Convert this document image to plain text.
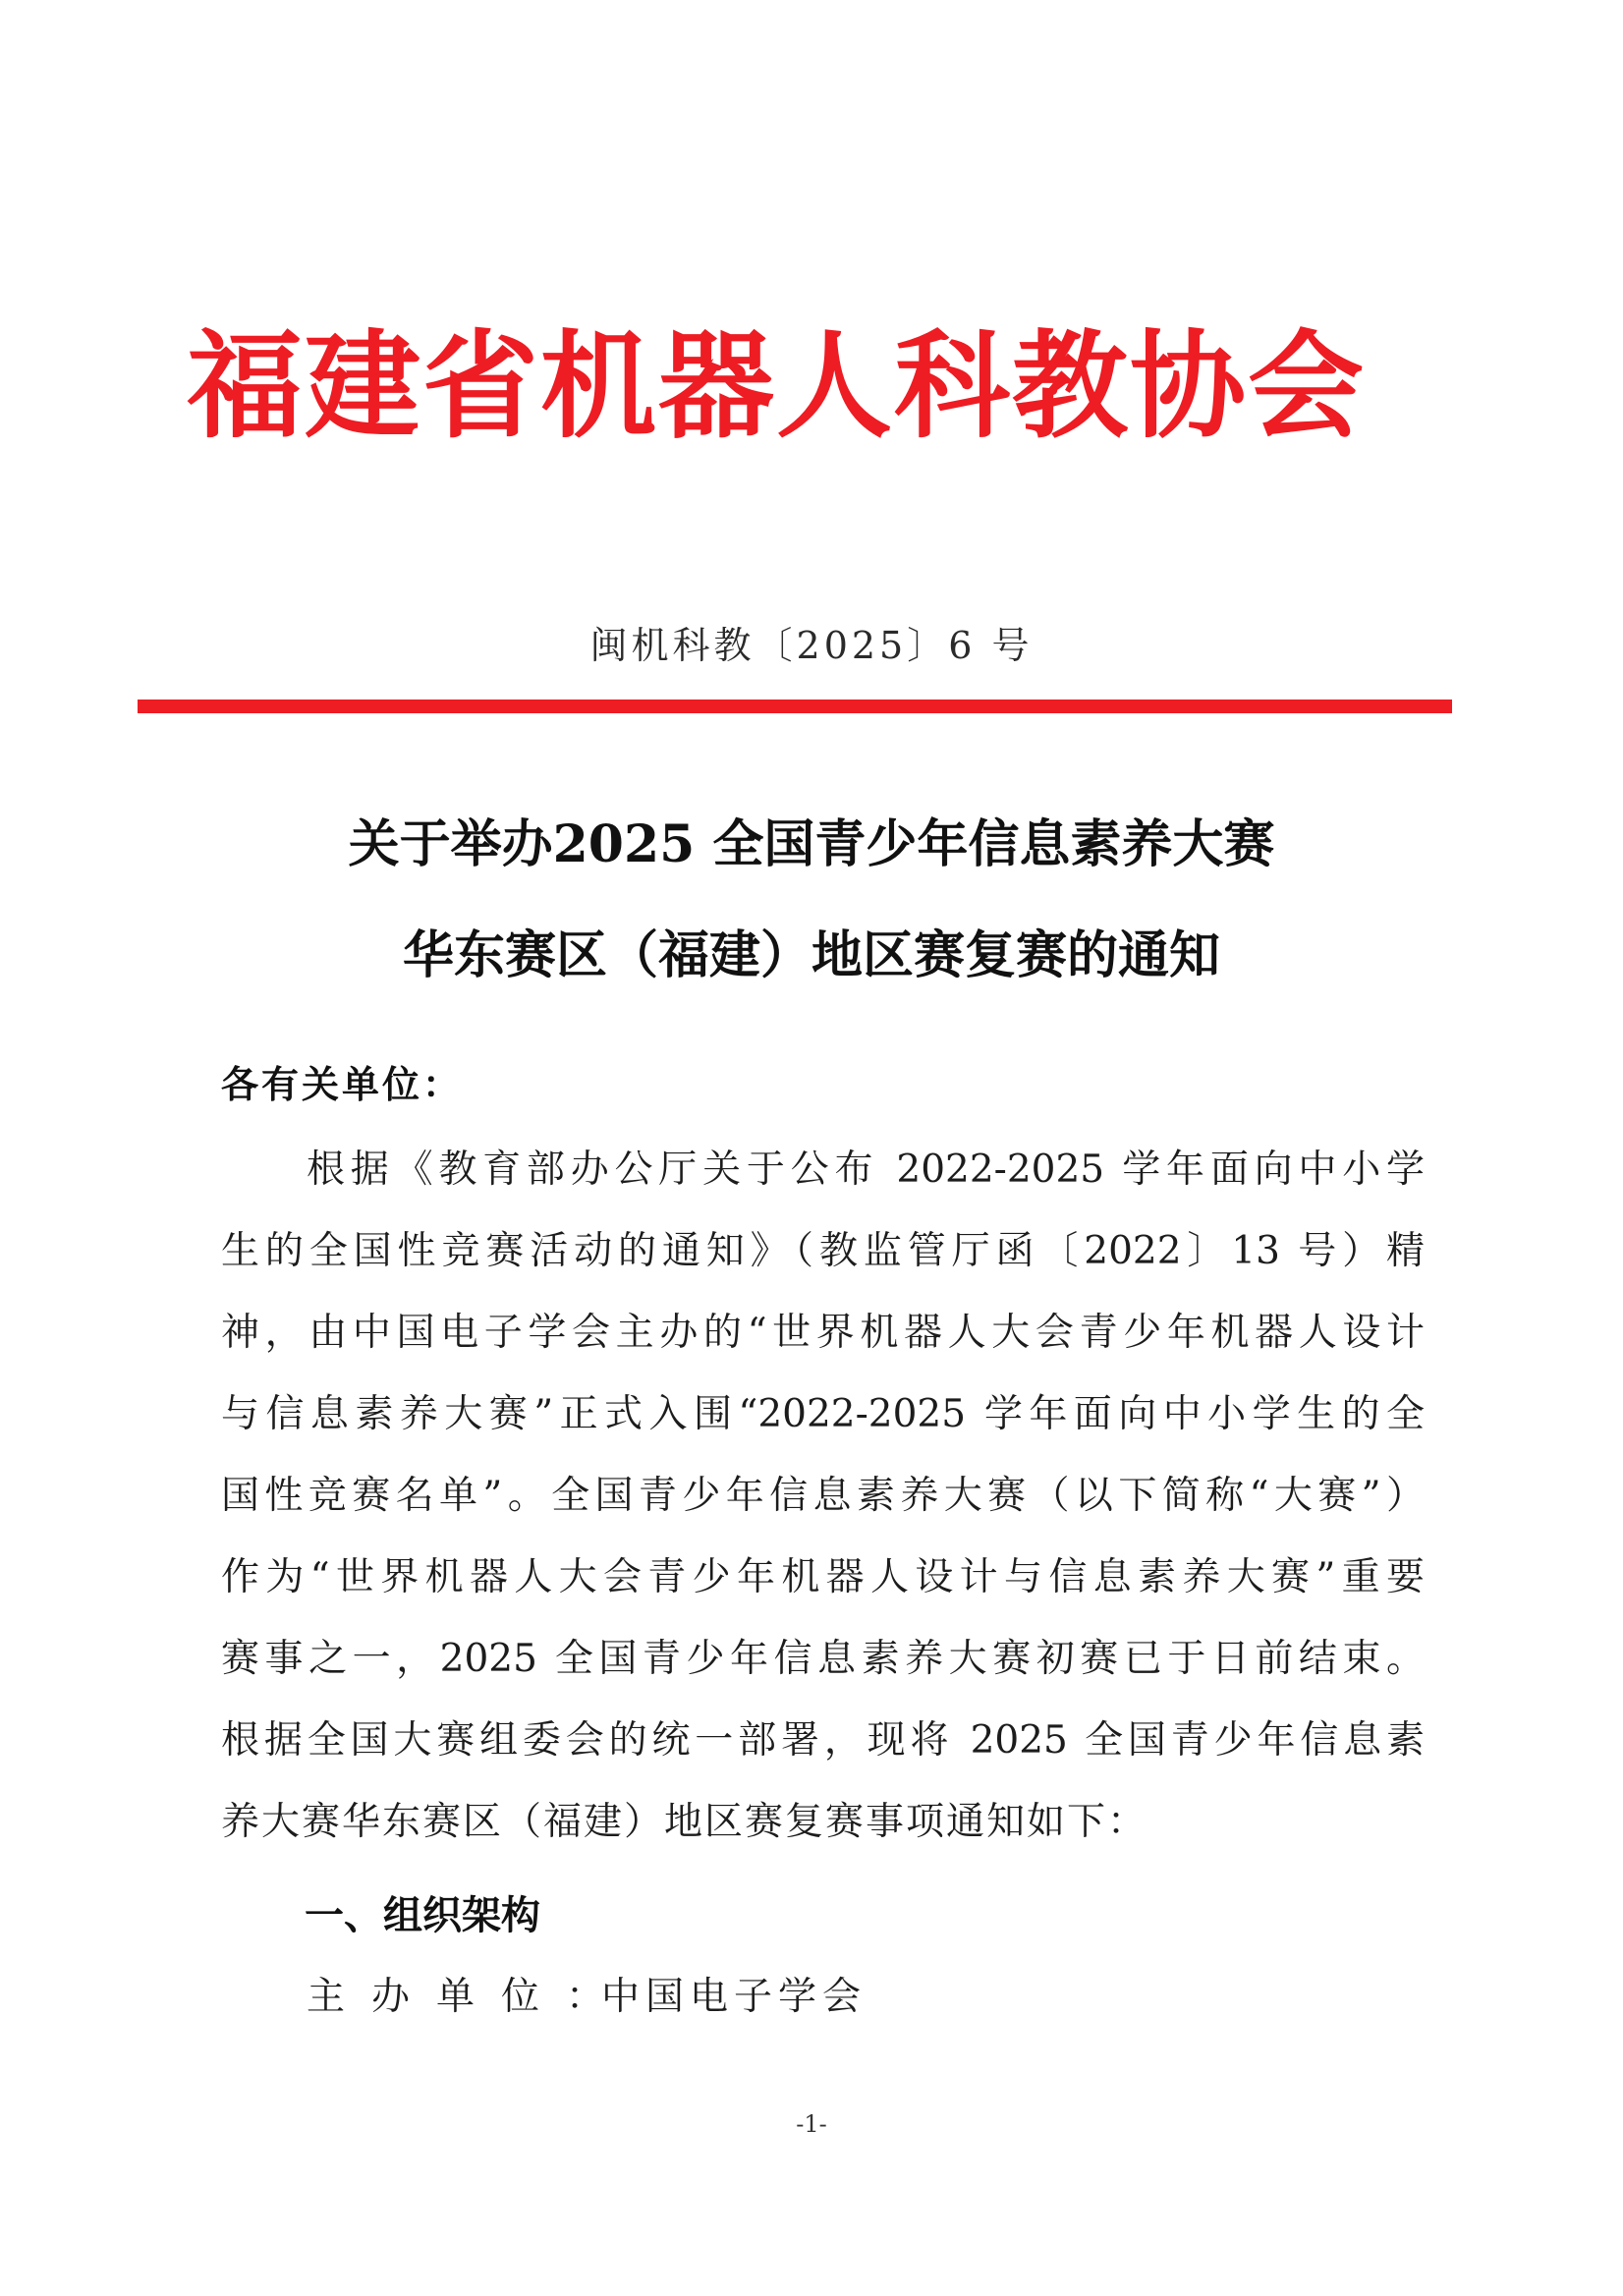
福建省机器人科教协会
闽机科教〔2025〕6 号
关于举办2025 全国青少年信息素养大赛
华东赛区（福建）地区赛复赛的通知
各有关单位：
根据《教育部办公厅关于公布 2022-2025 学年面向中小学
生的全国性竞赛活动的通知》（教监管厅函〔2022〕13 号）精
神，由中国电子学会主办的“世界机器人大会青少年机器人设计
与信息素养大赛”正式入围“2022-2025 学年面向中小学生的全
国性竞赛名单”。全国青少年信息素养大赛（以下简称“大赛”）
作为“世界机器人大会青少年机器人设计与信息素养大赛”重要
赛事之一，2025 全国青少年信息素养大赛初赛已于日前结束。
根据全国大赛组委会的统一部署，现将 2025 全国青少年信息素
养大赛华东赛区（福建）地区赛复赛事项通知如下：
一、组织架构
主办单位：中国电子学会
-1-
